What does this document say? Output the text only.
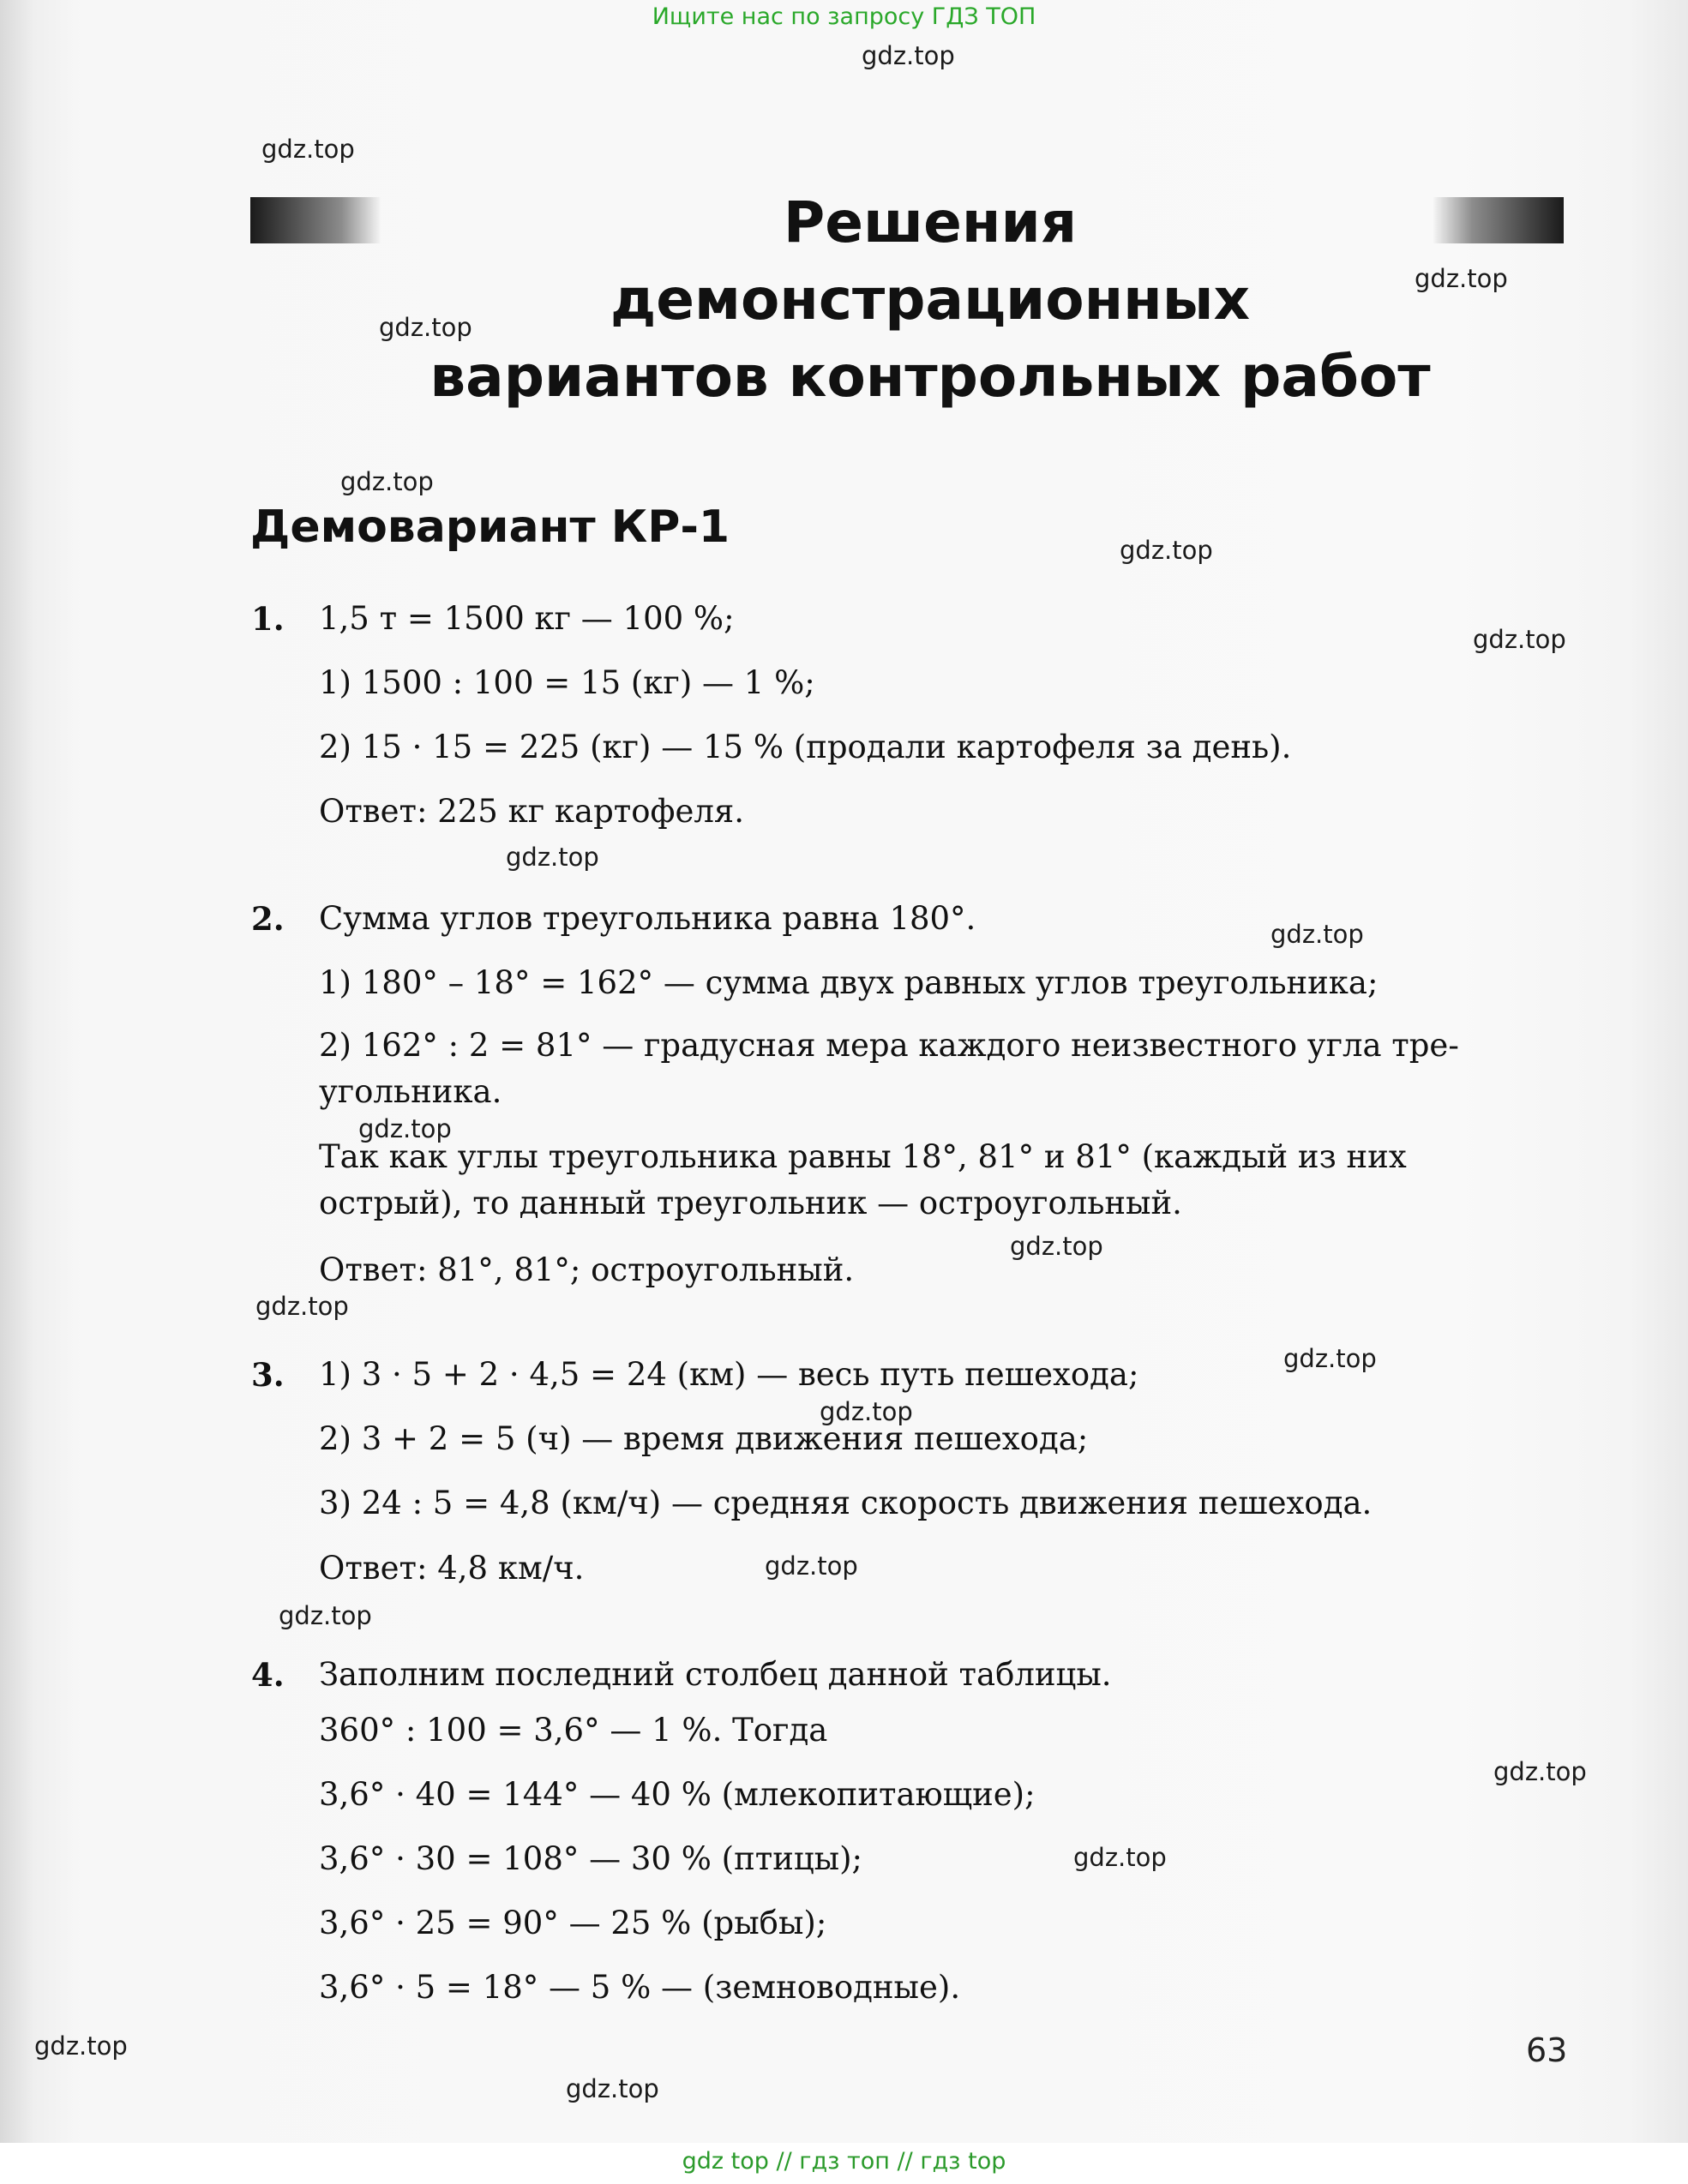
Ищите нас по запросу ГДЗ ТОП
gdz.top
gdz.top
gdz.top
gdz.top
gdz.top
gdz.top
gdz.top
gdz.top
gdz.top
gdz.top
gdz.top
gdz.top
gdz.top
gdz.top
gdz.top
gdz.top
gdz.top
gdz.top
gdz.top
gdz.top
Решения
демонстрационных
вариантов контрольных работ
Демовариант КР-1
1. 1,5 т = 1500 кг — 100 %;
1) 1500 : 100 = 15 (кг) — 1 %;
2) 15 · 15 = 225 (кг) — 15 % (продали картофеля за день).
Ответ: 225 кг картофеля.
2. Сумма углов треугольника равна 180°.
1) 180° – 18° = 162° — сумма двух равных углов треугольника;
2) 162° : 2 = 81° — градусная мера каждого неизвестного угла тре-
угольника.
Так как углы треугольника равны 18°, 81° и 81° (каждый из них
острый), то данный треугольник — остроугольный.
Ответ: 81°, 81°; остроугольный.
3. 1) 3 · 5 + 2 · 4,5 = 24 (км) — весь путь пешехода;
2) 3 + 2 = 5 (ч) — время движения пешехода;
3) 24 : 5 = 4,8 (км/ч) — средняя скорость движения пешехода.
Ответ: 4,8 км/ч.
4. Заполним последний столбец данной таблицы.
360° : 100 = 3,6° — 1 %. Тогда
3,6° · 40 = 144° — 40 % (млекопитающие);
3,6° · 30 = 108° — 30 % (птицы);
3,6° · 25 = 90° — 25 % (рыбы);
3,6° · 5 = 18° — 5 % — (земноводные).
63
gdz top // гдз топ // гдз top
